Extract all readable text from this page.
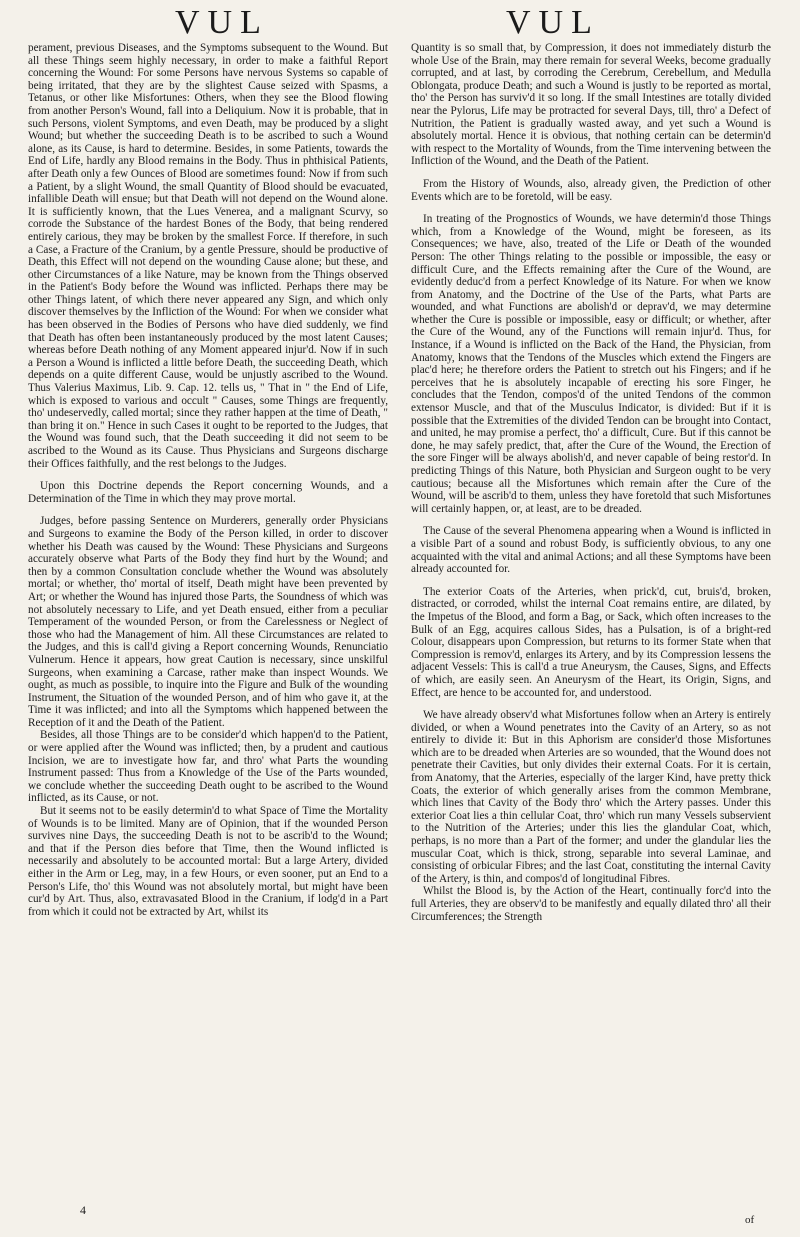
VUL	VUL

perament, previous Diseases, and the Symptoms subsequent to the Wound. But all these Things seem highly necessary, in order to make a faithful Report concerning the Wound: For some Persons have nervous Systems so capable of being irritated, that they are by the slightest Cause seized with Spasms, a Tetanus, or other like Misfortunes: Others, when they see the Blood flowing from another Person's Wound, fall into a Deliquium. Now it is probable, that in such Persons, violent Symptoms, and even Death, may be produced by a slight Wound; but whether the succeeding Death is to be ascribed to such a Wound alone, as its Cause, is hard to determine. Besides, in some Patients, towards the End of Life, hardly any Blood remains in the Body. Thus in phthisical Patients, after Death only a few Ounces of Blood are sometimes found: Now if from such a Patient, by a slight Wound, the small Quantity of Blood should be evacuated, infallible Death will ensue; but that Death will not depend on the Wound alone. It is sufficiently known, that the Lues Venerea, and a malignant Scurvy, so corrode the Substance of the hardest Bones of the Body, that being rendered entirely carious, they may be broken by the smallest Force. If therefore, in such a Case, a Fracture of the Cranium, by a gentle Pressure, should be productive of Death, this Effect will not depend on the wounding Cause alone; but these, and other Circumstances of a like Nature, may be known from the Things observed in the Patient's Body before the Wound was inflicted. Perhaps there may be other Things latent, of which there never appeared any Sign, and which only discover themselves by the Infliction of the Wound: For when we consider what has been observed in the Bodies of Persons who have died suddenly, we find that Death has often been instantaneously produced by the most latent Causes; whereas before Death nothing of any Moment appeared injur'd. Now if in such a Person a Wound is inflicted a little before Death, the succeeding Death, which depends on a quite different Cause, would be unjustly ascribed to the Wound. Thus Valerius Maximus, Lib. 9. Cap. 12. tells us, " That in " the End of Life, which is exposed to various and occult " Causes, some Things are frequently, tho' undeservedly, called mortal; since they rather happen at the time of Death, " than bring it on." Hence in such Cases it ought to be reported to the Judges, that the Wound was found such, that the Death succeeding it did not seem to be ascribed to the Wound as its Cause. Thus Physicians and Surgeons discharge their Offices faithfully, and the rest belongs to the Judges.

Upon this Doctrine depends the Report concerning Wounds, and a Determination of the Time in which they may prove mortal.

Judges, before passing Sentence on Murderers, generally order Physicians and Surgeons to examine the Body of the Person killed, in order to discover whether his Death was caused by the Wound: These Physicians and Surgeons accurately observe what Parts of the Body they find hurt by the Wound; and then by a common Consultation conclude whether the Wound was absolutely mortal; or whether, tho' mortal of itself, Death might have been prevented by Art; or whether the Wound has injured those Parts, the Soundness of which was not absolutely necessary to Life, and yet Death ensued, either from a peculiar Temperament of the wounded Person, or from the Carelessness or Neglect of those who had the Management of him. All these Circumstances are related to the Judges, and this is call'd giving a Report concerning Wounds, Renunciatio Vulnerum. Hence it appears, how great Caution is necessary, since unskilful Surgeons, when examining a Carcase, rather make than inspect Wounds. We ought, as much as possible, to inquire into the Figure and Bulk of the wounding Instrument, the Situation of the wounded Person, and of him who gave it, at the Time it was inflicted; and into all the Symptoms which happened between the Reception of it and the Death of the Patient.

Besides, all those Things are to be consider'd which happen'd to the Patient, or were applied after the Wound was inflicted; then, by a prudent and cautious Incision, we are to investigate how far, and thro' what Parts the wounding Instrument passed: Thus from a Knowledge of the Use of the Parts wounded, we conclude whether the succeeding Death ought to be ascribed to the Wound inflicted, as its Cause, or not.

But it seems not to be easily determin'd to what Space of Time the Mortality of Wounds is to be limited. Many are of Opinion, that if the wounded Person survives nine Days, the succeeding Death is not to be ascrib'd to the Wound; and that if the Person dies before that Time, then the Wound inflicted is necessarily and absolutely to be accounted mortal: But a large Artery, divided either in the Arm or Leg, may, in a few Hours, or even sooner, put an End to a Person's Life, tho' this Wound was not absolutely mortal, but might have been cur'd by Art. Thus, also, extravasated Blood in the Cranium, if lodg'd in a Part from which it could not be extracted by Art, whilst its

Quantity is so small that, by Compression, it does not immediately disturb the whole Use of the Brain, may there remain for several Weeks, become gradually corrupted, and at last, by corroding the Cerebrum, Cerebellum, and Medulla Oblongata, produce Death; and such a Wound is justly to be reported as mortal, tho' the Person has surviv'd it so long. If the small Intestines are totally divided near the Pylorus, Life may be protracted for several Days, till, thro' a Defect of Nutrition, the Patient is gradually wasted away, and yet such a Wound is absolutely mortal. Hence it is obvious, that nothing certain can be determin'd with respect to the Mortality of Wounds, from the Time intervening between the Infliction of the Wound, and the Death of the Patient.

From the History of Wounds, also, already given, the Prediction of other Events which are to be foretold, will be easy.

In treating of the Prognostics of Wounds, we have determin'd those Things which, from a Knowledge of the Wound, might be foreseen, as its Consequences; we have, also, treated of the Life or Death of the wounded Person: The other Things relating to the possible or impossible, the easy or difficult Cure, and the Effects remaining after the Cure of the Wound, are evidently deduc'd from a perfect Knowledge of its Nature. For when we know from Anatomy, and the Doctrine of the Use of the Parts, what Parts are wounded, and what Functions are abolish'd or deprav'd, we may determine whether the Cure is possible or impossible, easy or difficult; or whether, after the Cure of the Wound, any of the Functions will remain injur'd. Thus, for Instance, if a Wound is inflicted on the Back of the Hand, the Physician, from Anatomy, knows that the Tendons of the Muscles which extend the Fingers are plac'd here; he therefore orders the Patient to stretch out his Fingers; and if he perceives that he is absolutely incapable of erecting his sore Finger, he concludes that the Tendon, compos'd of the united Tendons of the common extensor Muscle, and that of the Musculus Indicator, is divided: But if it is possible that the Extremities of the divided Tendon can be brought into Contact, and united, he may promise a perfect, tho' a difficult, Cure. But if this cannot be done, he may safely predict, that, after the Cure of the Wound, the Erection of the sore Finger will be always abolish'd, and never capable of being restor'd. In predicting Things of this Nature, both Physician and Surgeon ought to be very cautious; because all the Misfortunes which remain after the Cure of the Wound, will be ascrib'd to them, unless they have foretold that such Misfortunes will certainly happen, or, at least, are to be dreaded.

The Cause of the several Phenomena appearing when a Wound is inflicted in a visible Part of a sound and robust Body, is sufficiently obvious, to any one acquainted with the vital and animal Actions; and all these Symptoms have been already accounted for.

The exterior Coats of the Arteries, when prick'd, cut, bruis'd, broken, distracted, or corroded, whilst the internal Coat remains entire, are dilated, by the Impetus of the Blood, and form a Bag, or Sack, which often increases to the Bulk of an Egg, acquires callous Sides, has a Pulsation, is of a bright-red Colour, disappears upon Compression, but returns to its former State when that Compression is remov'd, enlarges its Artery, and by its Compression lessens the adjacent Vessels: This is call'd a true Aneurysm, the Causes, Signs, and Effects of which, are easily seen. An Aneurysm of the Heart, its Origin, Signs, and Effect, are hence to be accounted for, and understood.

We have already observ'd what Misfortunes follow when an Artery is entirely divided, or when a Wound penetrates into the Cavity of an Artery, so as not entirely to divide it: But in this Aphorism are consider'd those Misfortunes which are to be dreaded when Arteries are so wounded, that the Wound does not penetrate their Cavities, but only divides their external Coats. For it is certain, from Anatomy, that the Arteries, especially of the larger Kind, have pretty thick Coats, the exterior of which generally arises from the common Membrane, which lines that Cavity of the Body thro' which the Artery passes. Under this exterior Coat lies a thin cellular Coat, thro' which run many Vessels subservient to the Nutrition of the Arteries; under this lies the glandular Coat, which, perhaps, is no more than a Part of the former; and under the glandular lies the muscular Coat, which is thick, strong, separable into several Laminae, and consisting of orbicular Fibres; and the last Coat, constituting the internal Cavity of the Artery, is thin, and compos'd of longitudinal Fibres.

Whilst the Blood is, by the Action of the Heart, continually forc'd into the full Arteries, they are observ'd to be manifestly and equally dilated thro' all their Circumferences; the Strength

4
of
